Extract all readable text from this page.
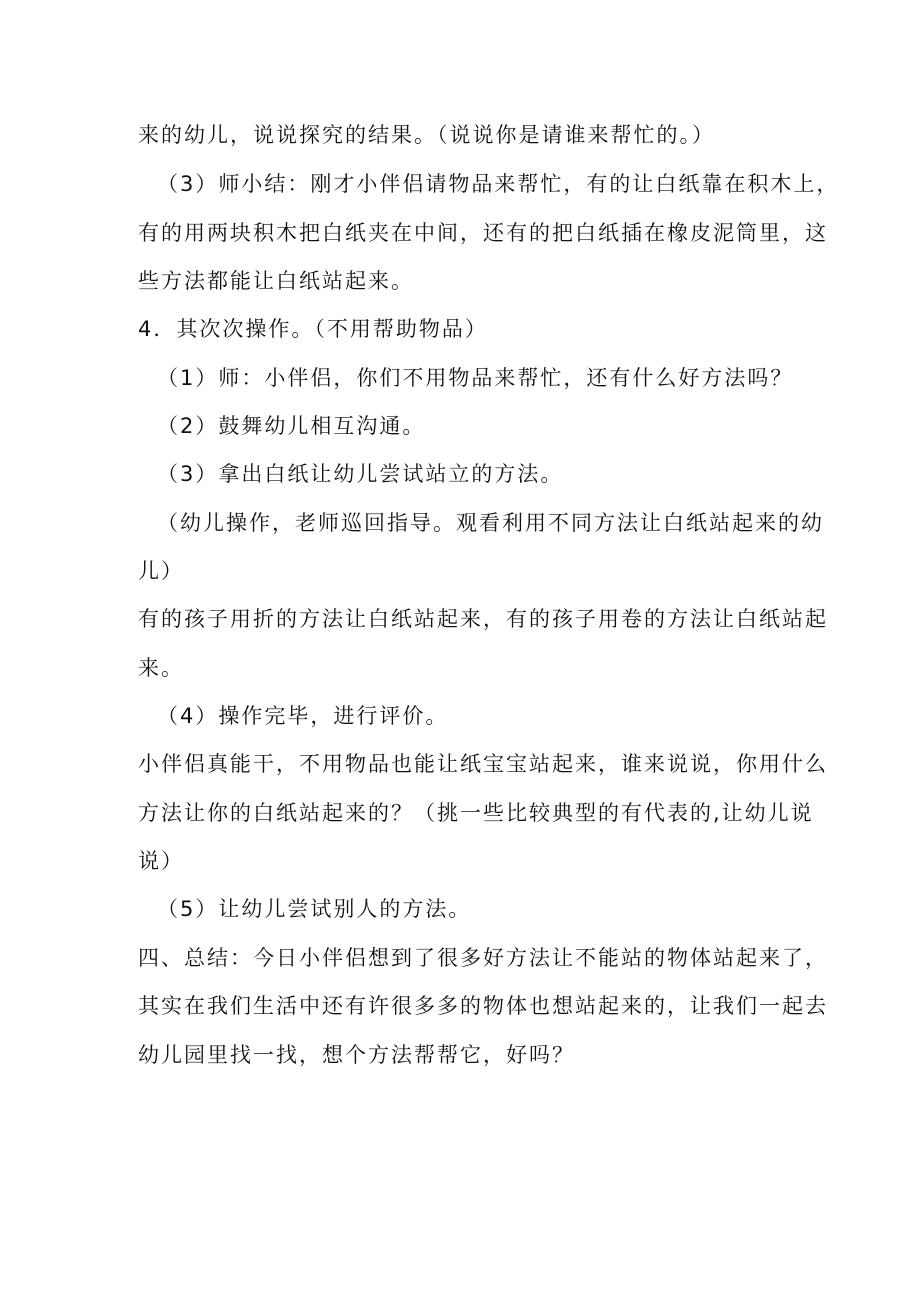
来的幼儿，说说探究的结果。（说说你是请谁来帮忙的。）
（3）师小结：刚才小伴侣请物品来帮忙，有的让白纸靠在积木上，
有的用两块积木把白纸夹在中间，还有的把白纸插在橡皮泥筒里，这
些方法都能让白纸站起来。
4．其次次操作。（不用帮助物品）
（1）师：小伴侣，你们不用物品来帮忙，还有什么好方法吗？
（2）鼓舞幼儿相互沟通。
（3）拿出白纸让幼儿尝试站立的方法。
（幼儿操作，老师巡回指导。观看利用不同方法让白纸站起来的幼
儿）
有的孩子用折的方法让白纸站起来，有的孩子用卷的方法让白纸站起
来。
（4）操作完毕，进行评价。
小伴侣真能干，不用物品也能让纸宝宝站起来，谁来说说，你用什么
方法让你的白纸站起来的？（挑一些比较典型的有代表的,让幼儿说
说）
（5）让幼儿尝试别人的方法。
四、总结：今日小伴侣想到了很多好方法让不能站的物体站起来了，
其实在我们生活中还有许很多多的物体也想站起来的，让我们一起去
幼儿园里找一找，想个方法帮帮它，好吗？
